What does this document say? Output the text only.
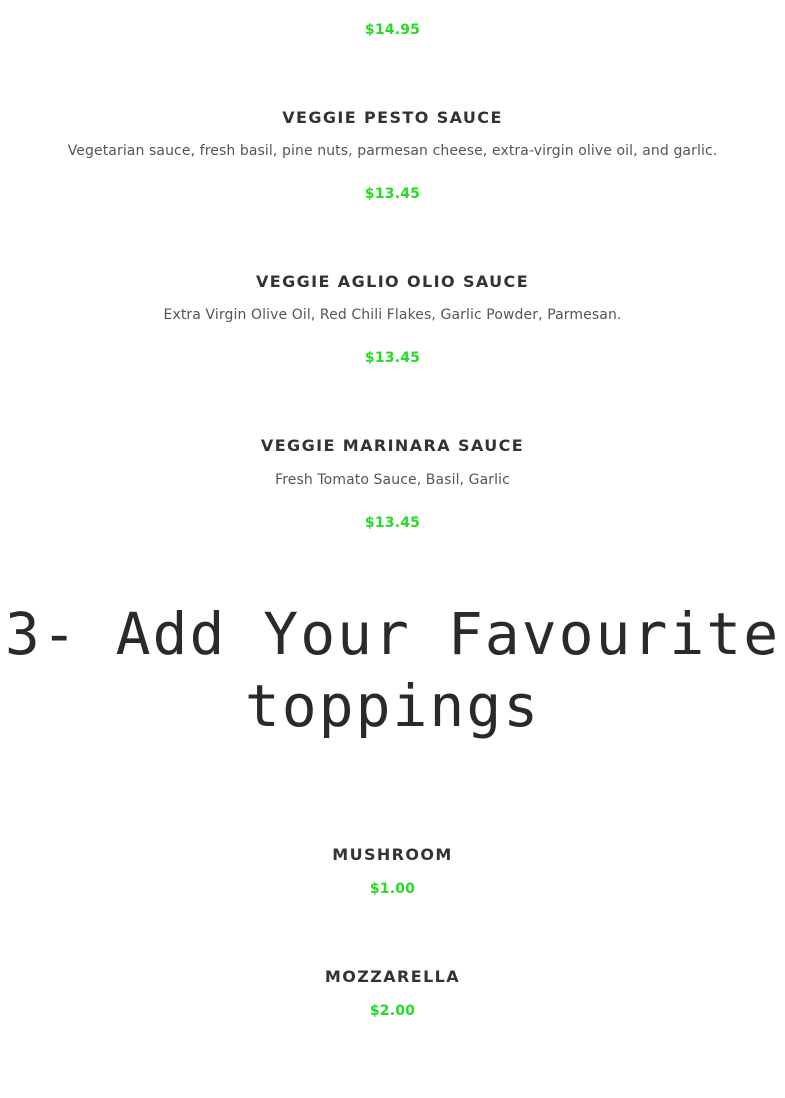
$14.95
VEGGIE PESTO SAUCE
Vegetarian sauce, fresh basil, pine nuts, parmesan cheese, extra-virgin olive oil, and garlic.
$13.45
VEGGIE AGLIO OLIO SAUCE
Extra Virgin Olive Oil, Red Chili Flakes, Garlic Powder, Parmesan.
$13.45
VEGGIE MARINARA SAUCE
Fresh Tomato Sauce, Basil, Garlic
$13.45
3- Add Your Favourite
toppings
MUSHROOM
$1.00
MOZZARELLA
$2.00
